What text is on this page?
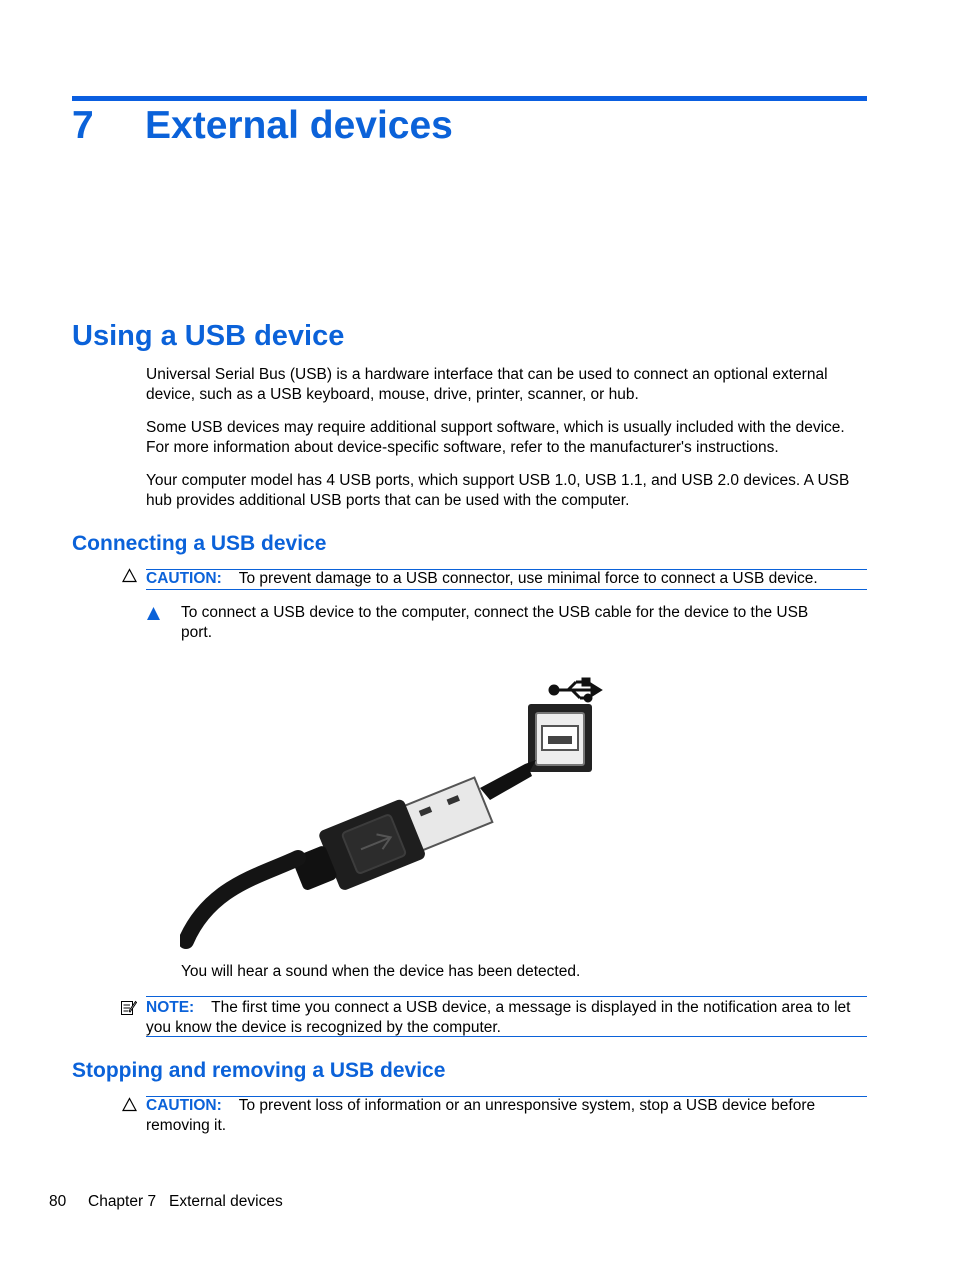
7 External devices
Using a USB device
Universal Serial Bus (USB) is a hardware interface that can be used to connect an optional external device, such as a USB keyboard, mouse, drive, printer, scanner, or hub.
Some USB devices may require additional support software, which is usually included with the device. For more information about device-specific software, refer to the manufacturer's instructions.
Your computer model has 4 USB ports, which support USB 1.0, USB 1.1, and USB 2.0 devices. A USB hub provides additional USB ports that can be used with the computer.
Connecting a USB device
CAUTION: To prevent damage to a USB connector, use minimal force to connect a USB device.
To connect a USB device to the computer, connect the USB cable for the device to the USB port.
You will hear a sound when the device has been detected.
NOTE: The first time you connect a USB device, a message is displayed in the notification area to let you know the device is recognized by the computer.
Stopping and removing a USB device
CAUTION: To prevent loss of information or an unresponsive system, stop a USB device before removing it.
80 Chapter 7   External devices
